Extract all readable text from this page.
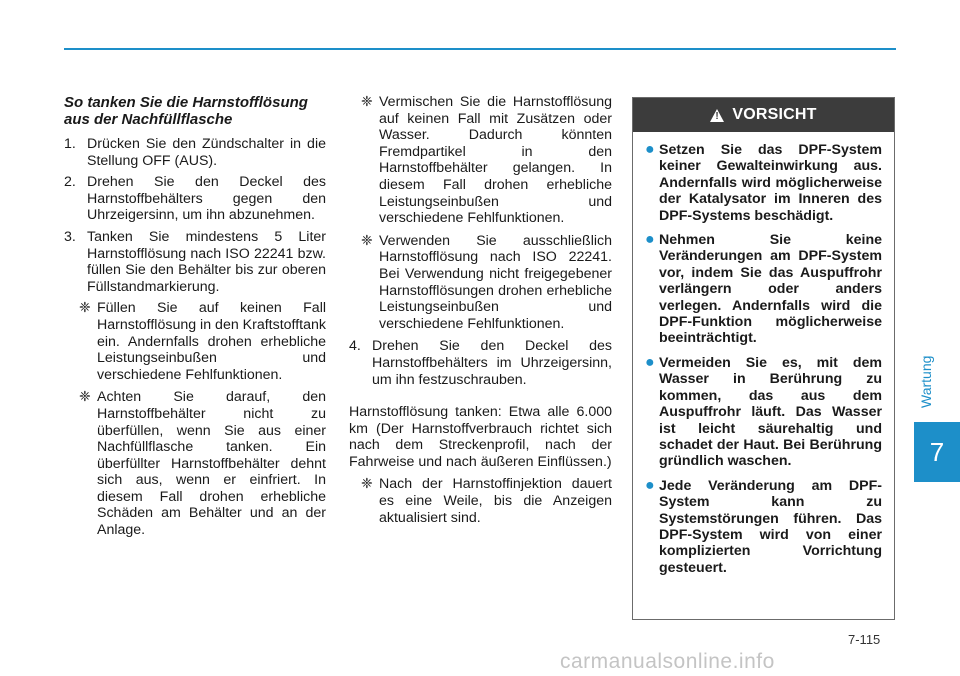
So tanken Sie die Harnstofflösung aus der Nachfüllflasche
1. Drücken Sie den Zündschalter in die Stellung OFF (AUS).
2. Drehen Sie den Deckel des Harnstoffbehälters gegen den Uhrzeigersinn, um ihn abzunehmen.
3. Tanken Sie mindestens 5 Liter Harnstofflösung nach ISO 22241 bzw. füllen Sie den Behälter bis zur oberen Füllstandmarkierung.
❈ Füllen Sie auf keinen Fall Harnstofflösung in den Kraftstofftank ein. Andernfalls drohen erhebliche Leistungseinbußen und verschiedene Fehlfunktionen.
❈ Achten Sie darauf, den Harnstoffbehälter nicht zu überfüllen, wenn Sie aus einer Nachfüllflasche tanken. Ein überfüllter Harnstoffbehälter dehnt sich aus, wenn er einfriert. In diesem Fall drohen erhebliche Schäden am Behälter und an der Anlage.
❈ Vermischen Sie die Harnstofflösung auf keinen Fall mit Zusätzen oder Wasser. Dadurch könnten Fremdpartikel in den Harnstoffbehälter gelangen. In diesem Fall drohen erhebliche Leistungseinbußen und verschiedene Fehlfunktionen.
❈ Verwenden Sie ausschließlich Harnstofflösung nach ISO 22241. Bei Verwendung nicht freigegebener Harnstofflösungen drohen erhebliche Leistungseinbußen und verschiedene Fehlfunktionen.
4. Drehen Sie den Deckel des Harnstoffbehälters im Uhrzeigersinn, um ihn festzuschrauben.
Harnstofflösung tanken: Etwa alle 6.000 km (Der Harnstoffverbrauch richtet sich nach dem Streckenprofil, nach der Fahrweise und nach äußeren Einflüssen.)
❈ Nach der Harnstoffinjektion dauert es eine Weile, bis die Anzeigen aktualisiert sind.
! VORSICHT
● Setzen Sie das DPF-System keiner Gewalteinwirkung aus. Andernfalls wird möglicherweise der Katalysator im Inneren des DPF-Systems beschädigt.
● Nehmen Sie keine Veränderungen am DPF-System vor, indem Sie das Auspuffrohr verlängern oder anders verlegen. Andernfalls wird die DPF-Funktion möglicherweise beeinträchtigt.
● Vermeiden Sie es, mit dem Wasser in Berührung zu kommen, das aus dem Auspuffrohr läuft. Das Wasser ist leicht säurehaltig und schadet der Haut. Bei Berührung gründlich waschen.
● Jede Veränderung am DPF-System kann zu Systemstörungen führen. Das DPF-System wird von einer komplizierten Vorrichtung gesteuert.
Wartung
7
7-115
carmanualsonline.info
